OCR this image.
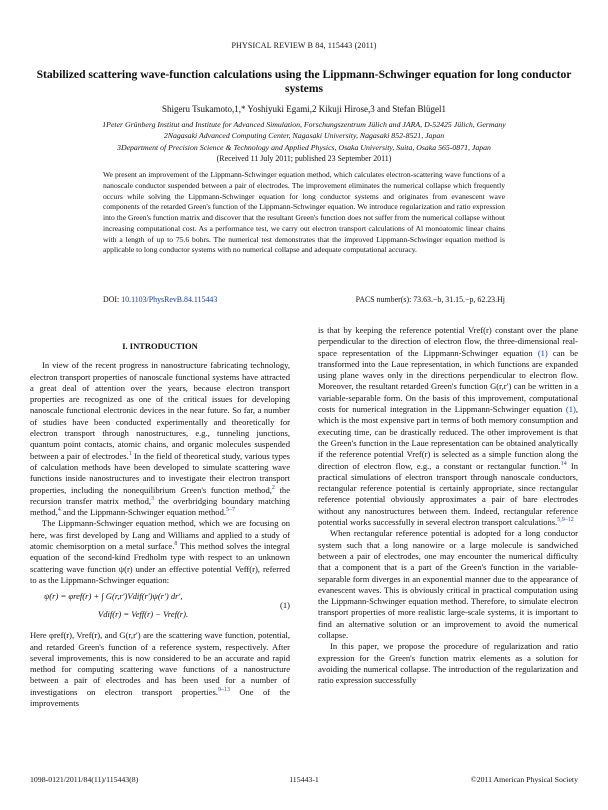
PHYSICAL REVIEW B 84, 115443 (2011)
Stabilized scattering wave-function calculations using the Lippmann-Schwinger equation for long conductor systems
Shigeru Tsukamoto,1,* Yoshiyuki Egami,2 Kikuji Hirose,3 and Stefan Blügel1
1Peter Grünberg Institut and Institute for Advanced Simulation, Forschungszentrum Jülich and JARA, D-52425 Jülich, Germany
2Nagasaki Advanced Computing Center, Nagasaki University, Nagasaki 852-8521, Japan
3Department of Precision Science & Technology and Applied Physics, Osaka University, Suita, Osaka 565-0871, Japan
(Received 11 July 2011; published 23 September 2011)
We present an improvement of the Lippmann-Schwinger equation method, which calculates electron-scattering wave functions of a nanoscale conductor suspended between a pair of electrodes. The improvement eliminates the numerical collapse which frequently occurs while solving the Lippmann-Schwinger equation for long conductor systems and originates from evanescent wave components of the retarded Green's function of the Lippmann-Schwinger equation. We introduce regularization and ratio expression into the Green's function matrix and discover that the resultant Green's function does not suffer from the numerical collapse without increasing computational cost. As a performance test, we carry out electron transport calculations of Al monoatomic linear chains with a length of up to 75.6 bohrs. The numerical test demonstrates that the improved Lippmann-Schwinger equation method is applicable to long conductor systems with no numerical collapse and adequate computational accuracy.
DOI: 10.1103/PhysRevB.84.115443	PACS number(s): 73.63.−b, 31.15.−p, 62.23.Hj
I. INTRODUCTION

In view of the recent progress in nanostructure fabricating technology, electron transport properties of nanoscale functional systems have attracted a great deal of attention over the years, because electron transport properties are recognized as one of the critical issues for developing nanoscale functional electronic devices in the near future. So far, a number of studies have been conducted experimentally and theoretically for electron transport through nanostructures, e.g., tunneling junctions, quantum point contacts, atomic chains, and organic molecules suspended between a pair of electrodes.$^1$ In the field of theoretical study, various types of calculation methods have been developed to simulate scattering wave functions inside nanostructures and to investigate their electron transport properties, including the nonequilibrium Green's function method,$^2$ the recursion transfer matrix method,$^3$ the overbridging boundary matching method,$^4$ and the Lippmann-Schwinger equation method.$^{5-7}$

The Lippmann-Schwinger equation method, which we are focusing on here, was first developed by Lang and Williams and applied to a study of atomic chemisorption on a metal surface.$^8$ This method solves the integral equation of the second-kind Fredholm type with respect to an unknown scattering wave function ψ(r) under an effective potential Veff(r), referred to as the Lippmann-Schwinger equation:

ψ(r) = φref(r) + ∫ G(r,r′)Vdif(r′)ψ(r′) dr′,
Vdif(r) = Veff(r) − Vref(r).
(1)

Here φref(r), Vref(r), and G(r,r′) are the scattering wave function, potential, and retarded Green's function of a reference system, respectively. After several improvements, this is now considered to be an accurate and rapid method for computing scattering wave functions of a nanostructure between a pair of electrodes and has been used for a number of investigations on electron transport properties.$^{9-13}$ One of the improvements

is that by keeping the reference potential Vref(r) constant over the plane perpendicular to the direction of electron flow, the three-dimensional real-space representation of the Lippmann-Schwinger equation (1) can be transformed into the Laue representation, in which functions are expanded using plane waves only in the directions perpendicular to electron flow. Moreover, the resultant retarded Green's function G(r,r′) can be written in a variable-separable form. On the basis of this improvement, computational costs for numerical integration in the Lippmann-Schwinger equation (1), which is the most expensive part in terms of both memory consumption and executing time, can be drastically reduced. The other improvement is that the Green's function in the Laue representation can be obtained analytically if the reference potential Vref(r) is selected as a simple function along the direction of electron flow, e.g., a constant or rectangular function.$^{14}$ In practical simulations of electron transport through nanoscale conductors, rectangular reference potential is certainly appropriate, since rectangular reference potential obviously approximates a pair of bare electrodes without any nanostructures between them. Indeed, rectangular reference potential works successfully in several electron transport calculations.$^{5,9-12}$

When rectangular reference potential is adopted for a long conductor system such that a long nanowire or a large molecule is sandwiched between a pair of electrodes, one may encounter the numerical difficulty that a component that is a part of the Green's function in the variable-separable form diverges in an exponential manner due to the appearance of evanescent waves. This is obviously critical in practical computation using the Lippmann-Schwinger equation method. Therefore, to simulate electron transport properties of more realistic large-scale systems, it is important to find an alternative solution or an improvement to avoid the numerical collapse.

In this paper, we propose the procedure of regularization and ratio expression for the Green's function matrix elements as a solution for avoiding the numerical collapse. The introduction of the regularization and ratio expression successfully

1098-0121/2011/84(11)/115443(8)	115443-1	©2011 American Physical Society
